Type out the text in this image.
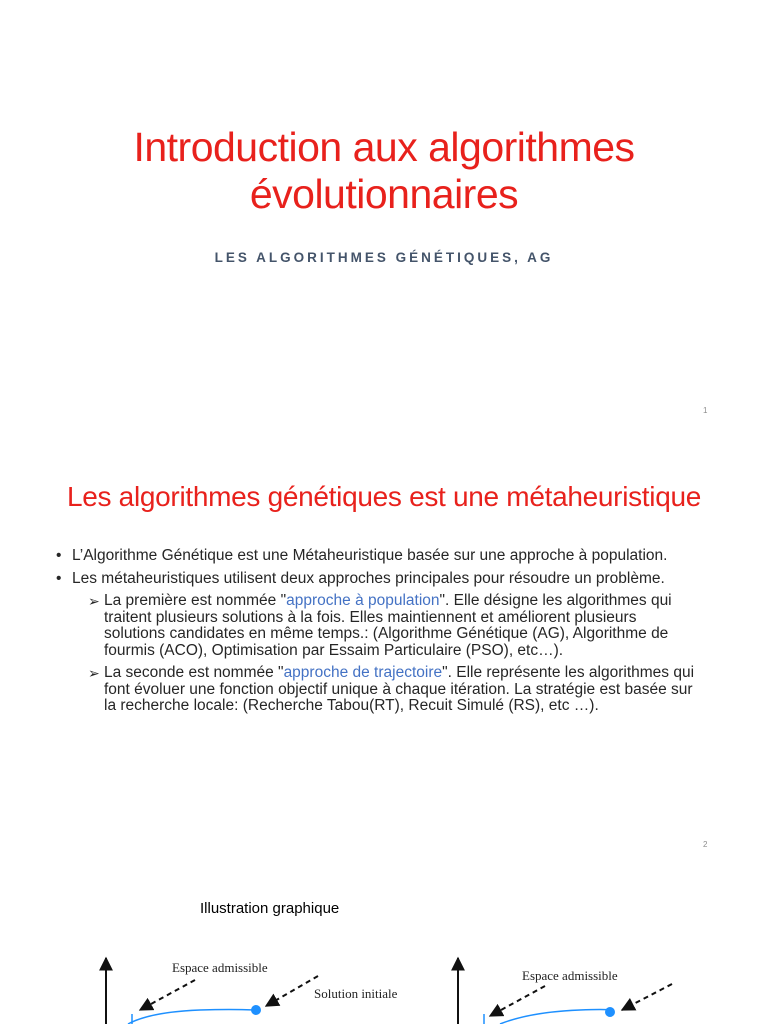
Introduction aux algorithmes
évolutionnaires
LES ALGORITHMES GÉNÉTIQUES, AG
1
Les algorithmes génétiques est une métaheuristique
• L’Algorithme Génétique est une Métaheuristique basée sur une approche à population.
• Les métaheuristiques utilisent deux approches principales pour résoudre un problème.
➢ La première est nommée "approche à population". Elle désigne les algorithmes qui traitent plusieurs solutions à la fois. Elles maintiennent et améliorent plusieurs solutions candidates en même temps.: (Algorithme Génétique (AG), Algorithme de fourmis (ACO), Optimisation par Essaim Particulaire (PSO), etc…).
➢ La seconde est nommée "approche de trajectoire". Elle représente les algorithmes qui font évoluer une fonction objectif unique à chaque itération. La stratégie est basée sur la recherche locale: (Recherche Tabou(RT), Recuit Simulé (RS), etc …).
2
Illustration graphique
Espace admissible
Solution initiale
Espace admissible
